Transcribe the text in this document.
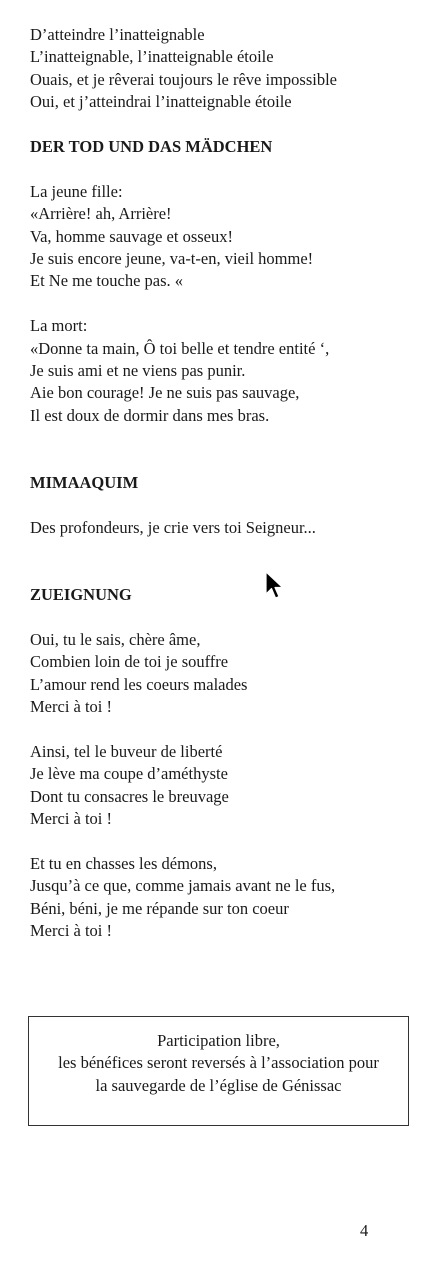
D’atteindre l’inatteignable
L’inatteignable, l’inatteignable étoile
Ouais, et je rêverai toujours le rêve impossible
Oui, et j’atteindrai l’inatteignable étoile
DER TOD UND DAS MÄDCHEN
La jeune fille:
«Arrière! ah, Arrière!
Va, homme sauvage et osseux!
Je suis encore jeune, va-t-en, vieil homme!
Et Ne me touche pas. «
La mort:
«Donne ta main, Ô toi belle et tendre entité ‘,
Je suis ami et ne viens pas punir.
Aie bon courage! Je ne suis pas sauvage,
Il est doux de dormir dans mes bras.
MIMAAQUIM
Des profondeurs, je crie vers toi Seigneur...
ZUEIGNUNG
Oui, tu le sais, chère âme,
Combien loin de toi je souffre
L’amour rend les coeurs malades
Merci à toi !
Ainsi, tel le buveur de liberté
Je lève ma coupe d’améthyste
Dont tu consacres le breuvage
Merci à toi !
Et tu en chasses les démons,
Jusqu’à ce que, comme jamais avant ne le fus,
Béni, béni, je me répande sur ton coeur
Merci à toi !
Participation libre,
les bénéfices seront reversés à l’association pour
la sauvegarde de l’église de Génissac
4
